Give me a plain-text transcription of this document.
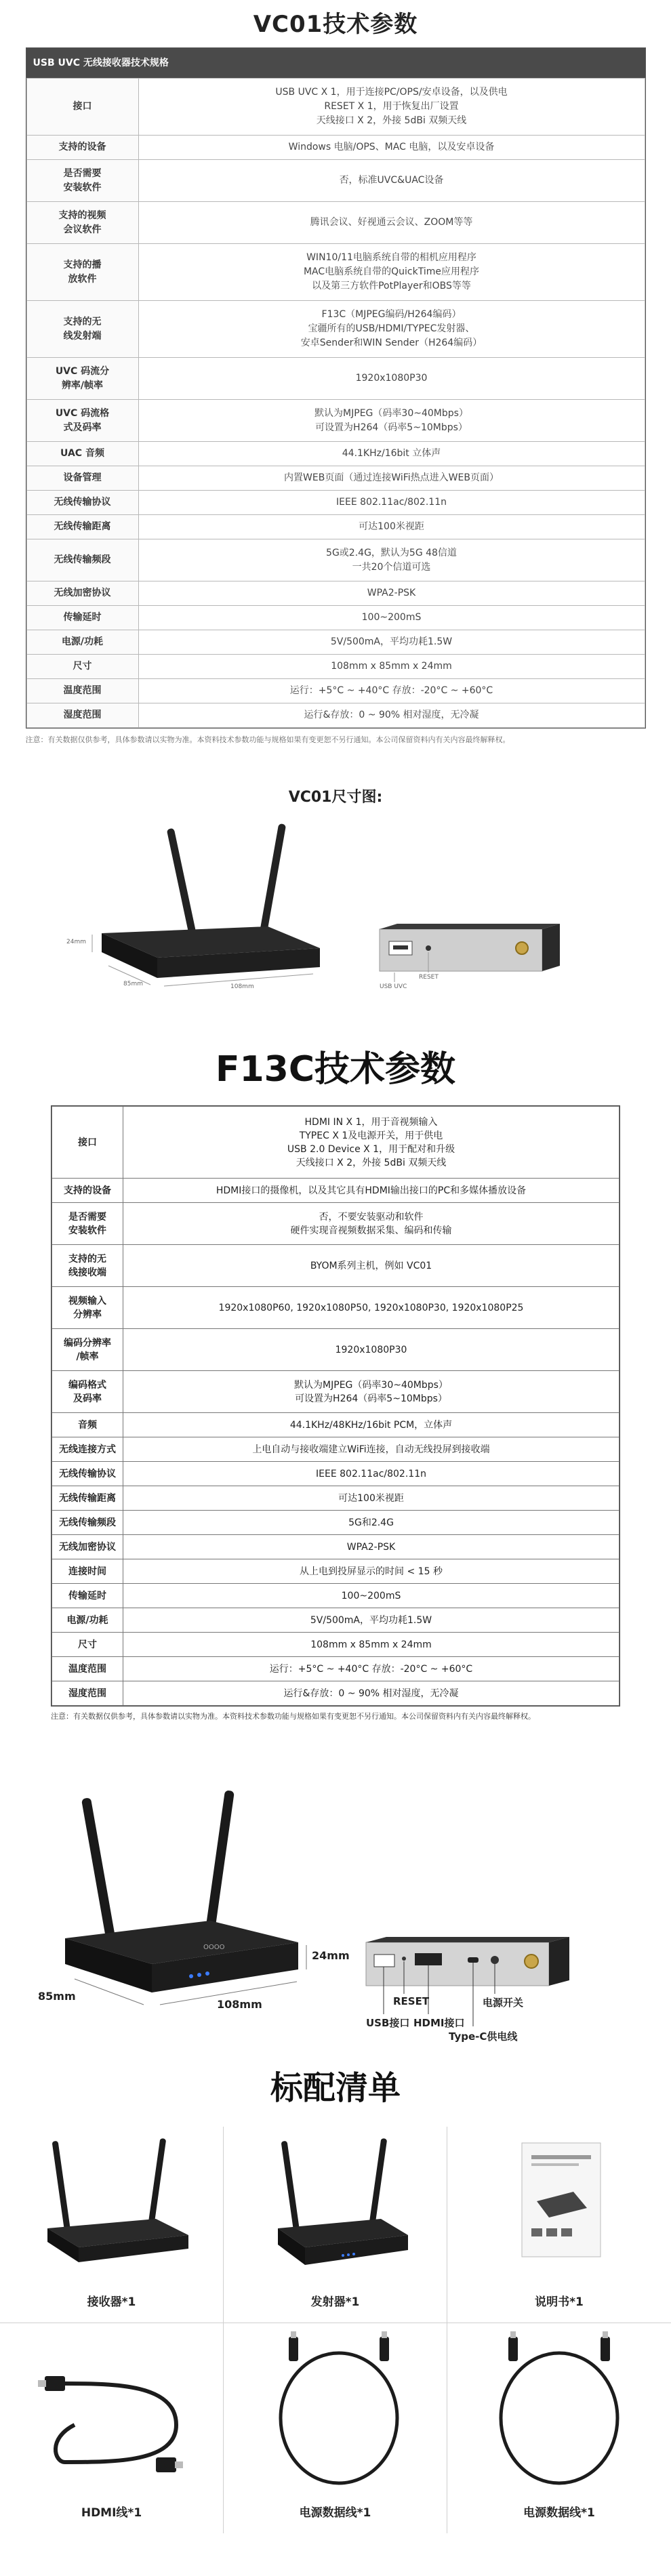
VC01技术参数
USB UVC 无线接收器技术规格
接口	USB UVC X 1，用于连接PC/OPS/安卓设备，以及供电
RESET X 1，用于恢复出厂设置
天线接口 X 2，外接 5dBi 双频天线
支持的设备	Windows 电脑/OPS、MAC 电脑，以及安卓设备
是否需要
安装软件	否，标准UVC&UAC设备
支持的视频
会议软件	腾讯会议、好视通云会议、ZOOM等等
支持的播
放软件	WIN10/11电脑系统自带的相机应用程序
MAC电脑系统自带的QuickTime应用程序
以及第三方软件PotPlayer和OBS等等
支持的无
线发射端	F13C（MJPEG编码/H264编码）
宝疆所有的USB/HDMI/TYPEC发射器、
安卓Sender和WIN Sender（H264编码）
UVC 码流分
辨率/帧率	1920x1080P30
UVC 码流格
式及码率	默认为MJPEG（码率30~40Mbps）
可设置为H264（码率5~10Mbps）
UAC 音频	44.1KHz/16bit 立体声
设备管理	内置WEB页面（通过连接WiFi热点进入WEB页面）
无线传输协议	IEEE 802.11ac/802.11n
无线传输距离	可达100米视距
无线传输频段	5G或2.4G，默认为5G 48信道
一共20个信道可选
无线加密协议	WPA2-PSK
传输延时	100~200mS
电源/功耗	5V/500mA，平均功耗1.5W
尺寸	108mm x 85mm x 24mm
温度范围	运行：+5°C ~ +40°C 存放：-20°C ~ +60°C
湿度范围	运行&存放：0 ~ 90% 相对湿度，无冷凝
注意：有关数据仅供参考，具体参数请以实物为准。本资料技术参数功能与规格如果有变更恕不另行通知。本公司保留资料内有关内容最终解释权。
VC01尺寸图:
24mm
85mm	108mm	USB UVC
RESET
F13C技术参数
接口	HDMI IN X 1，用于音视频输入
TYPEC X 1及电源开关，用于供电
USB 2.0 Device X 1，用于配对和升级
天线接口 X 2，外接 5dBi 双频天线
支持的设备	HDMI接口的摄像机，以及其它具有HDMI输出接口的PC和多媒体播放设备
是否需要
安装软件	否，不要安装驱动和软件
硬件实现音视频数据采集、编码和传输
支持的无
线接收端	BYOM系列主机，例如 VC01
视频输入
分辨率	1920x1080P60, 1920x1080P50, 1920x1080P30, 1920x1080P25
编码分辨率
/帧率	1920x1080P30
编码格式
及码率	默认为MJPEG（码率30~40Mbps）
可设置为H264（码率5~10Mbps）
音频	44.1KHz/48KHz/16bit PCM，立体声
无线连接方式	上电自动与接收端建立WiFi连接，自动无线投屏到接收端
无线传输协议	IEEE 802.11ac/802.11n
无线传输距离	可达100米视距
无线传输频段	5G和2.4G
无线加密协议	WPA2-PSK
连接时间	从上电到投屏显示的时间 < 15 秒
传输延时	100~200mS
电源/功耗	5V/500mA，平均功耗1.5W
尺寸	108mm x 85mm x 24mm
温度范围	运行：+5°C ~ +40°C 存放：-20°C ~ +60°C
湿度范围	运行&存放：0 ~ 90% 相对湿度，无冷凝
注意：有关数据仅供参考，具体参数请以实物为准。本资料技术参数功能与规格如果有变更恕不另行通知。本公司保留资料内有关内容最终解释权。
OOOO
24mm
85mm
108mm	RESET
USB接口 HDMI接口
电源开关
Type-C供电线
标配清单
接收器*1	发射器*1	说明书*1
HDMI线*1	电源数据线*1	电源数据线*1
